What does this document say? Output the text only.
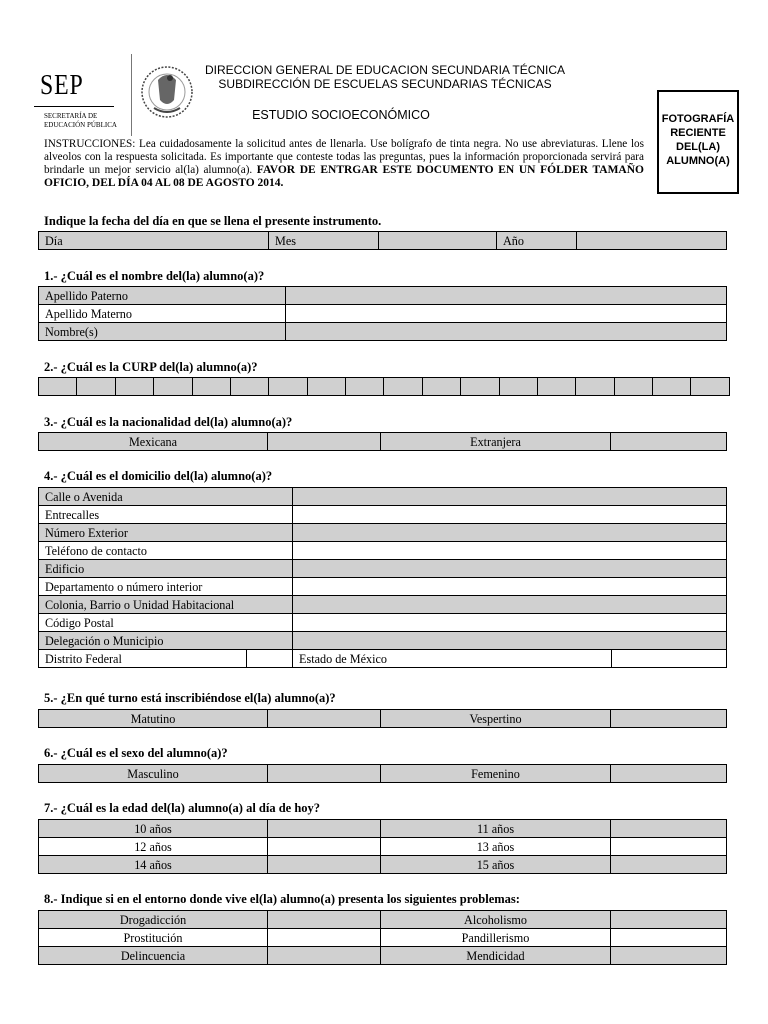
SEP
SECRETARÍA DE
EDUCACIÓN PÚBLICA
DIRECCION GENERAL DE EDUCACION SECUNDARIA TÉCNICA
SUBDIRECCIÓN DE ESCUELAS SECUNDARIAS TÉCNICAS
ESTUDIO SOCIOECONÓMICO	FOTOGRAFÍA
RECIENTE
DEL(LA)
ALUMNO(A)
INSTRUCCIONES: Lea cuidadosamente la solicitud antes de llenarla. Use bolígrafo de tinta negra. No use abreviaturas. Llene los alveolos con la respuesta solicitada. Es importante que conteste todas las preguntas, pues la información proporcionada servirá para brindarle un mejor servicio al(la) alumno(a). FAVOR DE ENTRGAR ESTE DOCUMENTO EN UN FÓLDER TAMAÑO OFICIO, DEL DÍA 04 AL 08 DE AGOSTO 2014.
Indique la fecha del día en que se llena el presente instrumento.
Día	Mes		Año	
1.- ¿Cuál es el nombre del(la) alumno(a)?
Apellido Paterno	
Apellido Materno	
Nombre(s)	
2.- ¿Cuál es la CURP del(la) alumno(a)?

3.- ¿Cuál es la nacionalidad del(la) alumno(a)?
Mexicana		Extranjera	
4.- ¿Cuál es el domicilio del(la) alumno(a)?
Calle o Avenida			
Entrecalles			
Número Exterior			
Teléfono de contacto			
Edificio			
Departamento o número interior			
Colonia, Barrio o Unidad Habitacional			
Código Postal			
Delegación o Municipio			
Distrito Federal		Estado de México	
5.- ¿En qué turno está inscribiéndose el(la) alumno(a)?
Matutino		Vespertino	
6.- ¿Cuál es el sexo del alumno(a)?
Masculino		Femenino	
7.- ¿Cuál es la edad del(la) alumno(a) al día de hoy?
10 años		11 años	
12 años		13 años	
14 años		15 años	
8.- Indique si en el entorno donde vive el(la) alumno(a) presenta los siguientes problemas:
Drogadicción		Alcoholismo	
Prostitución		Pandillerismo	
Delincuencia		Mendicidad	
